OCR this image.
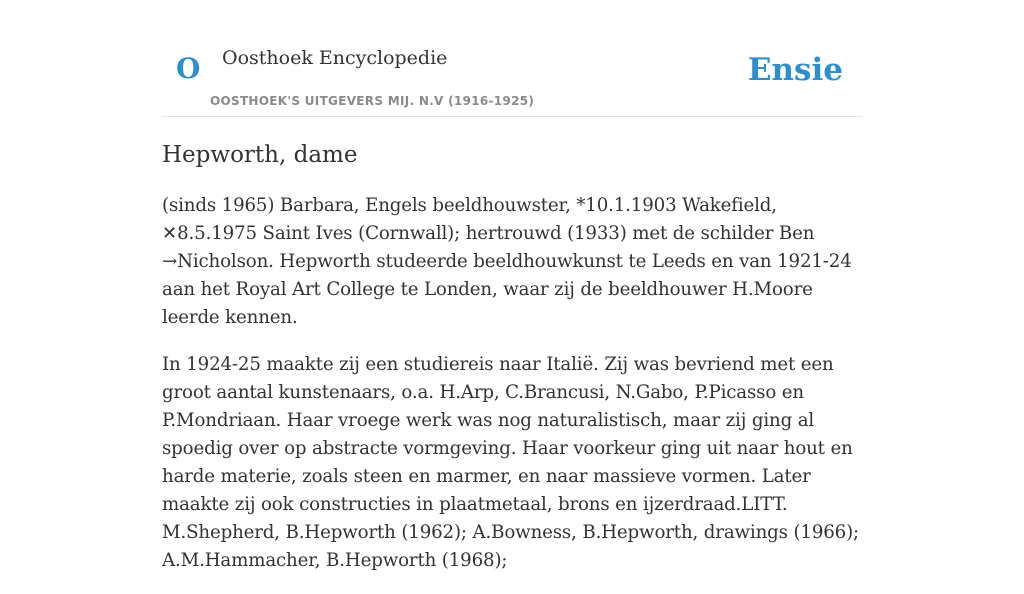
O Oosthoek Encyclopedie
OOSTHOEK'S UITGEVERS MIJ. N.V (1916-1925)
Ensie
Hepworth, dame

(sinds 1965) Barbara, Engels beeldhouwster, *10.1.1903 Wakefield, ✕8.5.1975 Saint Ives (Cornwall); hertrouwd (1933) met de schilder Ben →Nicholson. Hepworth studeerde beeldhouwkunst te Leeds en van 1921-24 aan het Royal Art College te Londen, waar zij de beeldhouwer H.Moore leerde kennen.

In 1924-25 maakte zij een studiereis naar Italië. Zij was bevriend met een groot aantal kunstenaars, o.a. H.Arp, C.Brancusi, N.Gabo, P.Picasso en P.Mondriaan. Haar vroege werk was nog naturalistisch, maar zij ging al spoedig over op abstracte vormgeving. Haar voorkeur ging uit naar hout en harde materie, zoals steen en marmer, en naar massieve vormen. Later maakte zij ook constructies in plaatmetaal, brons en ijzerdraad.LITT. M.Shepherd, B.Hepworth (1962); A.Bowness, B.Hepworth, drawings (1966); A.M.Hammacher, B.Hepworth (1968);
